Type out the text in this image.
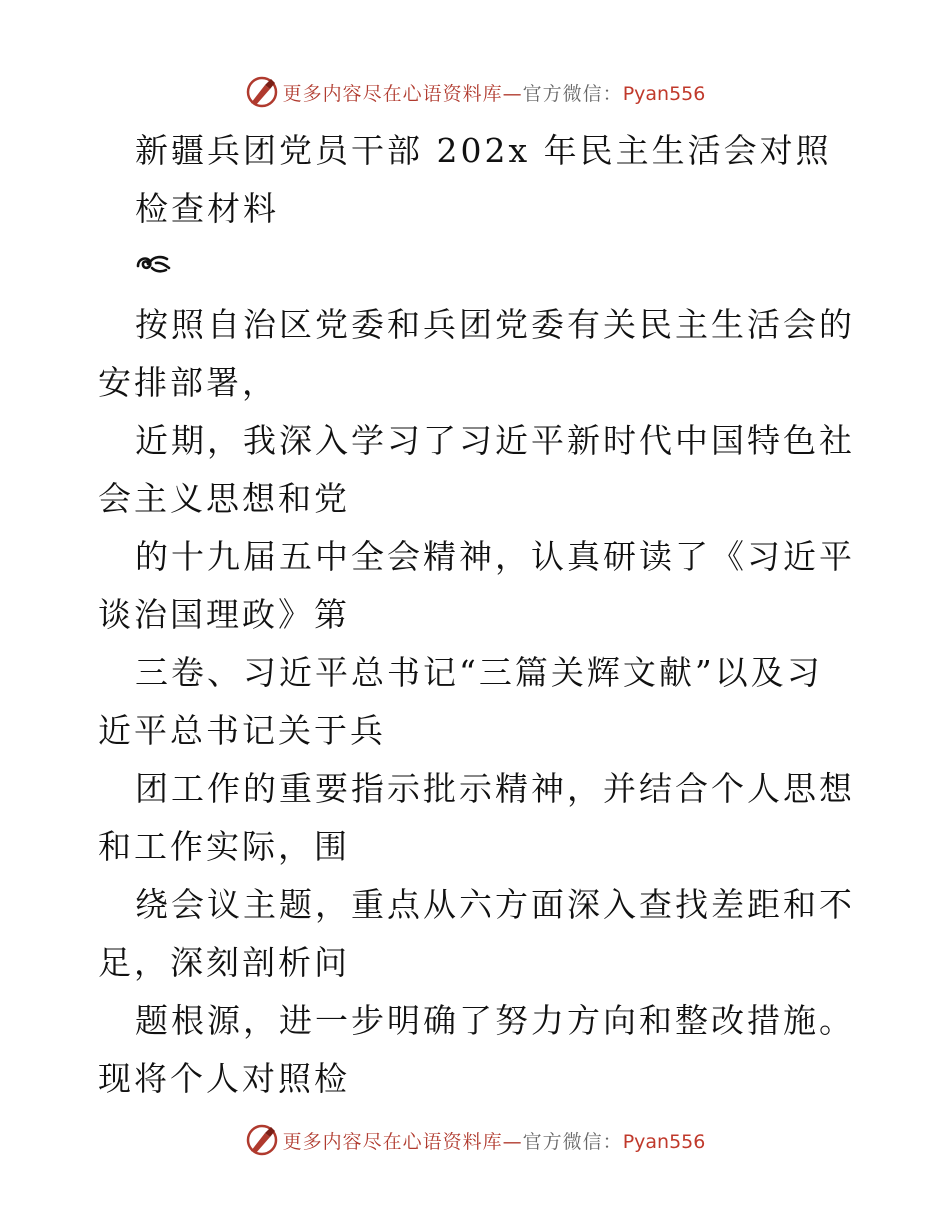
更多内容尽在心语资料库—官方微信：Pyan556
新疆兵团党员干部 202x 年民主生活会对照检查材料

按照自治区党委和兵团党委有关民主生活会的安排部署，

近期，我深入学习了习近平新时代中国特色社会主义思想和党

的十九届五中全会精神，认真研读了《习近平谈治国理政》第

三卷、习近平总书记“三篇关辉文献”以及习近平总书记关于兵

团工作的重要指示批示精神，并结合个人思想和工作实际，围

绕会议主题，重点从六方面深入查找差距和不足，深刻剖析问

题根源，进一步明确了努力方向和整改措施。现将个人对照检

更多内容尽在心语资料库—官方微信：Pyan556
